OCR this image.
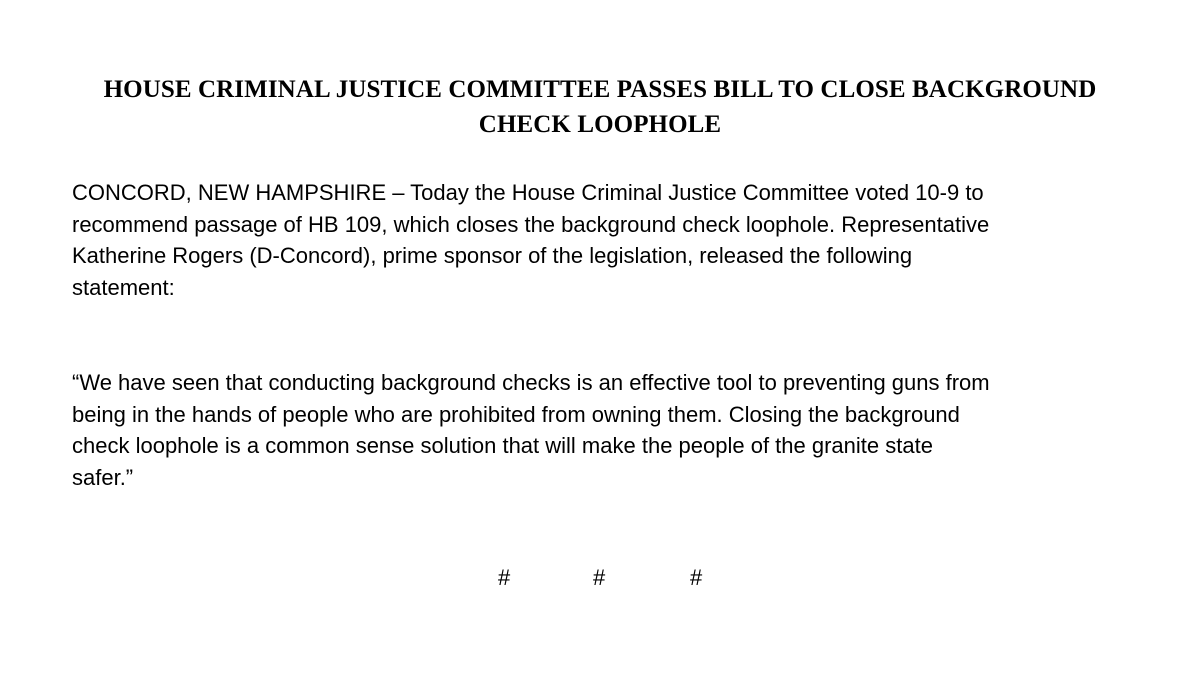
HOUSE CRIMINAL JUSTICE COMMITTEE PASSES BILL TO CLOSE BACKGROUND
CHECK LOOPHOLE

CONCORD, NEW HAMPSHIRE – Today the House Criminal Justice Committee voted 10-9 to
recommend passage of HB 109, which closes the background check loophole. Representative
Katherine Rogers (D-Concord), prime sponsor of the legislation, released the following
statement:

“We have seen that conducting background checks is an effective tool to preventing guns from
being in the hands of people who are prohibited from owning them. Closing the background
check loophole is a common sense solution that will make the people of the granite state
safer.”

#	#	#
